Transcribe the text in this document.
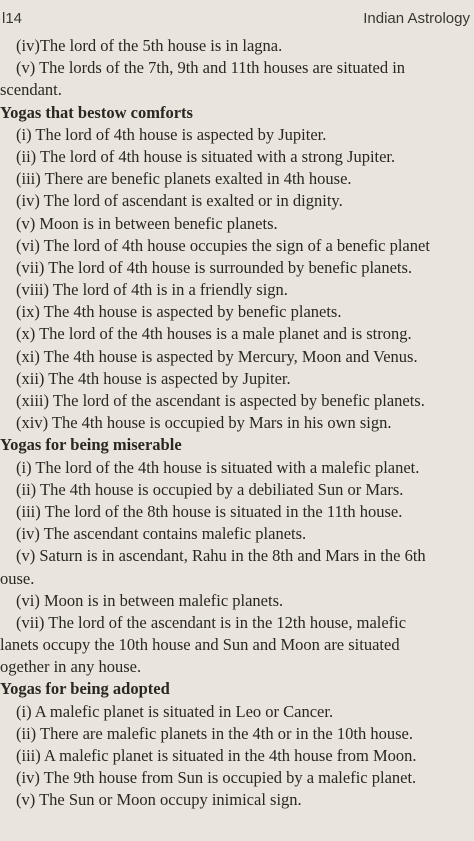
l14	Indian Astrology
(iv)The lord of the 5th house is in lagna.
(v) The lords of the 7th, 9th and 11th houses are situated in
scendant.
Yogas that bestow comforts
(i) The lord of 4th house is aspected by Jupiter.
(ii) The lord of 4th house is situated with a strong Jupiter.
(iii) There are benefic planets exalted in 4th house.
(iv) The lord of ascendant is exalted or in dignity.
(v) Moon is in between benefic planets.
(vi) The lord of 4th house occupies the sign of a benefic planet
(vii) The lord of 4th house is surrounded by benefic planets.
(viii) The lord of 4th is in a friendly sign.
(ix) The 4th house is aspected by benefic planets.
(x) The lord of the 4th houses is a male planet and is strong.
(xi) The 4th house is aspected by Mercury, Moon and Venus.
(xii) The 4th house is aspected by Jupiter.
(xiii) The lord of the ascendant is aspected by benefic planets.
(xiv) The 4th house is occupied by Mars in his own sign.
Yogas for being miserable
(i) The lord of the 4th house is situated with a malefic planet.
(ii) The 4th house is occupied by a debiliated Sun or Mars.
(iii) The lord of the 8th house is situated in the 11th house.
(iv) The ascendant contains malefic planets.
(v) Saturn is in ascendant, Rahu in the 8th and Mars in the 6th
ouse.
(vi) Moon is in between malefic planets.
(vii) The lord of the ascendant is in the 12th house, malefic
lanets occupy the 10th house and Sun and Moon are situated
ogether in any house.
Yogas for being adopted
(i) A malefic planet is situated in Leo or Cancer.
(ii) There are malefic planets in the 4th or in the 10th house.
(iii) A malefic planet is situated in the 4th house from Moon.
(iv) The 9th house from Sun is occupied by a malefic planet.
(v) The Sun or Moon occupy inimical sign.
